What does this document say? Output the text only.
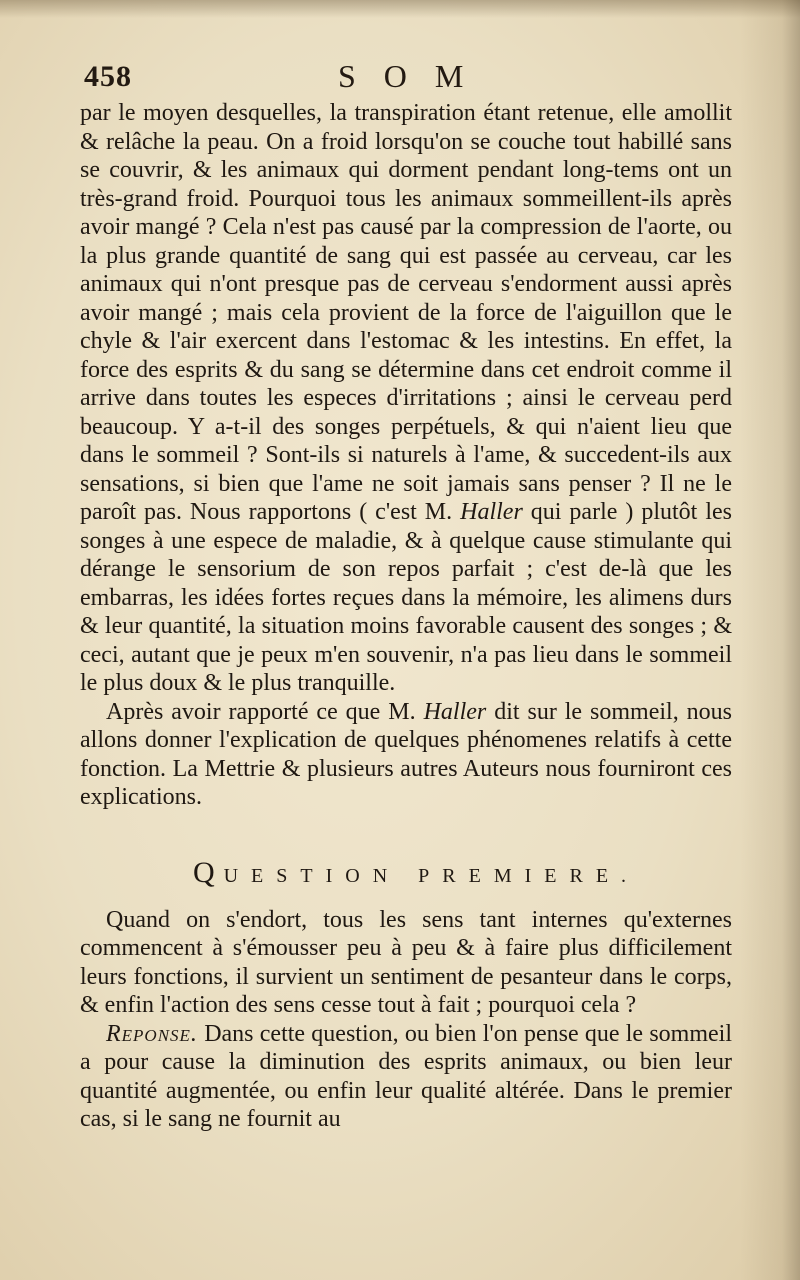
458	S O M

par le moyen desquelles, la transpiration étant retenue, elle amollit & relâche la peau. On a froid lorsqu'on se couche tout habillé sans se couvrir, & les animaux qui dorment pendant long-tems ont un très-grand froid. Pourquoi tous les animaux sommeillent-ils après avoir mangé ? Cela n'est pas causé par la compression de l'aorte, ou la plus grande quantité de sang qui est passée au cerveau, car les animaux qui n'ont presque pas de cerveau s'endorment aussi après avoir mangé ; mais cela provient de la force de l'aiguillon que le chyle & l'air exercent dans l'estomac & les intestins. En effet, la force des esprits & du sang se détermine dans cet endroit comme il arrive dans toutes les especes d'irritations ; ainsi le cerveau perd beaucoup. Y a-t-il des songes perpétuels, & qui n'aient lieu que dans le sommeil ? Sont-ils si naturels à l'ame, & succedent-ils aux sensations, si bien que l'ame ne soit jamais sans penser ? Il ne le paroît pas. Nous rapportons ( c'est M. Haller qui parle ) plutôt les songes à une espece de maladie, & à quelque cause stimulante qui dérange le sensorium de son repos parfait ; c'est de-là que les embarras, les idées fortes reçues dans la mémoire, les alimens durs & leur quantité, la situation moins favorable causent des songes ; & ceci, autant que je peux m'en souvenir, n'a pas lieu dans le sommeil le plus doux & le plus tranquille.

Après avoir rapporté ce que M. Haller dit sur le sommeil, nous allons donner l'explication de quelques phénomenes relatifs à cette fonction. La Mettrie & plusieurs autres Auteurs nous fourniront ces explications.

QUESTION PREMIERE.

Quand on s'endort, tous les sens tant internes qu'externes commencent à s'émousser peu à peu & à faire plus difficilement leurs fonctions, il survient un sentiment de pesanteur dans le corps, & enfin l'action des sens cesse tout à fait ; pourquoi cela ?

Reponse. Dans cette question, ou bien l'on pense que le sommeil a pour cause la diminution des esprits animaux, ou bien leur quantité augmentée, ou enfin leur qualité altérée. Dans le premier cas, si le sang ne fournit au
